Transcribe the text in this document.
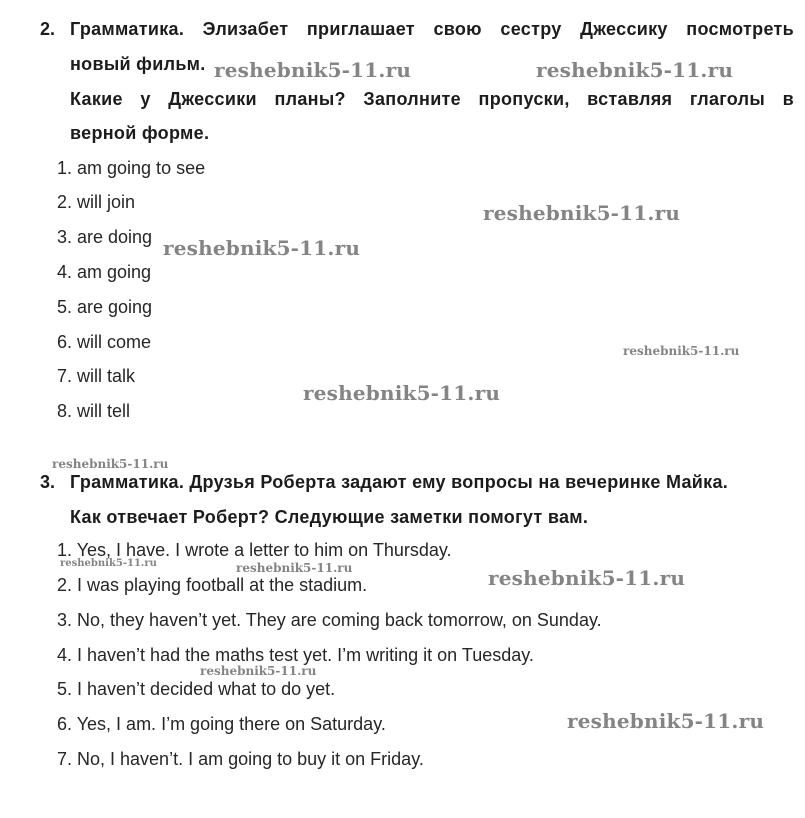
2. Грамматика. Элизабет приглашает свою сестру Джессику посмотреть
новый фильм.
Какие у Джессики планы? Заполните пропуски, вставляя глаголы в
верной форме.
1. am going to see
2. will join
3. are doing
4. am going
5. are going
6. will come
7. will talk
8. will tell
3. Грамматика. Друзья Роберта задают ему вопросы на вечеринке Майка.
Как отвечает Роберт? Следующие заметки помогут вам.
1. Yes, I have. I wrote a letter to him on Thursday.
2. I was playing football at the stadium.
3. No, they haven’t yet. They are coming back tomorrow, on Sunday.
4. I haven’t had the maths test yet. I’m writing it on Tuesday.
5. I haven’t decided what to do yet.
6. Yes, I am. I’m going there on Saturday.
7. No, I haven’t. I am going to buy it on Friday.
reshebnik5-11.ru	reshebnik5-11.ru
reshebnik5-11.ru
reshebnik5-11.ru
reshebnik5-11.ru
reshebnik5-11.ru
reshebnik5-11.ru
reshebnik5-11.ru	reshebnik5-11.ru	reshebnik5-11.ru
reshebnik5-11.ru
reshebnik5-11.ru
